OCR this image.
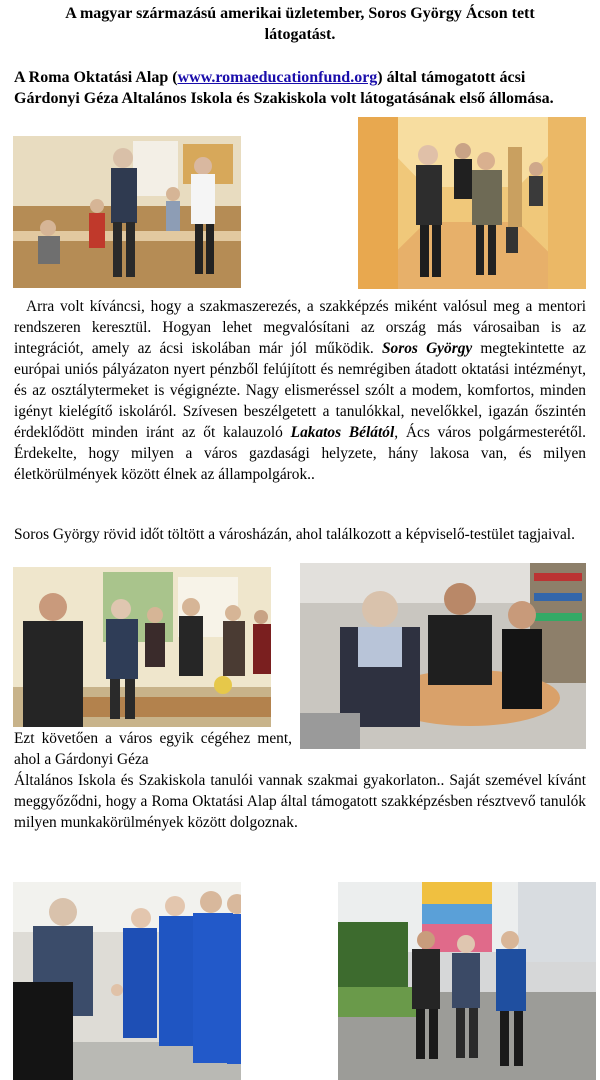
A magyar származású amerikai üzletember, Soros György Ácson tett
látogatást.
A Roma Oktatási Alap (www.romaeducationfund.org) által támogatott ácsi Gárdonyi Géza Altalános Iskola és Szakiskola volt látogatásának első állomása.
Arra volt kíváncsi, hogy a szakmaszerezés, a szakképzés miként valósul meg a mentori rendszeren keresztül. Hogyan lehet megvalósítani az ország más városaiban is az integrációt, amely az ácsi iskolában már jól működik. Soros György megtekintette az európai uniós pályázaton nyert pénzből felújított és nemrégiben átadott oktatási intézményt, és az osztálytermeket is végignézte. Nagy elismeréssel szólt a modem, komfortos, minden igényt kielégítő iskoláról. Szívesen beszélgetett a tanulókkal, nevelőkkel, igazán őszintén érdeklődött minden iránt az őt kalauzoló Lakatos Bélától, Ács város polgármesterétől. Érdekelte, hogy milyen a város gazdasági helyzete, hány lakosa van, és milyen életkörülmények között élnek az állampolgárok..
Soros György rövid időt töltött a városházán, ahol találkozott a képviselő-testület tagjaival.
Ezt követően a város egyik cégéhez ment, ahol a Gárdonyi Géza
Általános Iskola és Szakiskola tanulói vannak szakmai gyakorlaton.. Saját szemével kívánt meggyőződni, hogy a Roma Oktatási Alap által támogatott szakképzésben résztvevő tanulók milyen munkakörülmények között dolgoznak.
